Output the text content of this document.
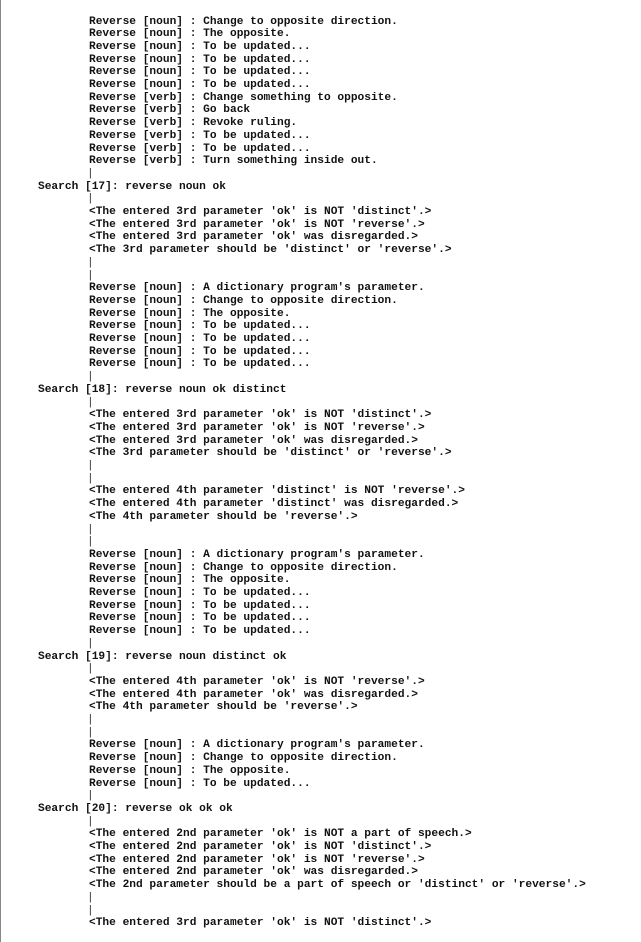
Reverse [noun] : Change to opposite direction.
Reverse [noun] : The opposite.
Reverse [noun] : To be updated...
Reverse [noun] : To be updated...
Reverse [noun] : To be updated...
Reverse [noun] : To be updated...
Reverse [verb] : Change something to opposite.
Reverse [verb] : Go back
Reverse [verb] : Revoke ruling.
Reverse [verb] : To be updated...
Reverse [verb] : To be updated...
Reverse [verb] : Turn something inside out.
|
Search [17]: reverse noun ok
|
<The entered 3rd parameter 'ok' is NOT 'distinct'.>
<The entered 3rd parameter 'ok' is NOT 'reverse'.>
<The entered 3rd parameter 'ok' was disregarded.>
<The 3rd parameter should be 'distinct' or 'reverse'.>
|
|
Reverse [noun] : A dictionary program's parameter.
Reverse [noun] : Change to opposite direction.
Reverse [noun] : The opposite.
Reverse [noun] : To be updated...
Reverse [noun] : To be updated...
Reverse [noun] : To be updated...
Reverse [noun] : To be updated...
|
Search [18]: reverse noun ok distinct
|
<The entered 3rd parameter 'ok' is NOT 'distinct'.>
<The entered 3rd parameter 'ok' is NOT 'reverse'.>
<The entered 3rd parameter 'ok' was disregarded.>
<The 3rd parameter should be 'distinct' or 'reverse'.>
|
|
<The entered 4th parameter 'distinct' is NOT 'reverse'.>
<The entered 4th parameter 'distinct' was disregarded.>
<The 4th parameter should be 'reverse'.>
|
|
Reverse [noun] : A dictionary program's parameter.
Reverse [noun] : Change to opposite direction.
Reverse [noun] : The opposite.
Reverse [noun] : To be updated...
Reverse [noun] : To be updated...
Reverse [noun] : To be updated...
Reverse [noun] : To be updated...
|
Search [19]: reverse noun distinct ok
|
<The entered 4th parameter 'ok' is NOT 'reverse'.>
<The entered 4th parameter 'ok' was disregarded.>
<The 4th parameter should be 'reverse'.>
|
|
Reverse [noun] : A dictionary program's parameter.
Reverse [noun] : Change to opposite direction.
Reverse [noun] : The opposite.
Reverse [noun] : To be updated...
|
Search [20]: reverse ok ok ok
|
<The entered 2nd parameter 'ok' is NOT a part of speech.>
<The entered 2nd parameter 'ok' is NOT 'distinct'.>
<The entered 2nd parameter 'ok' is NOT 'reverse'.>
<The entered 2nd parameter 'ok' was disregarded.>
<The 2nd parameter should be a part of speech or 'distinct' or 'reverse'.>
|
|
<The entered 3rd parameter 'ok' is NOT 'distinct'.>
